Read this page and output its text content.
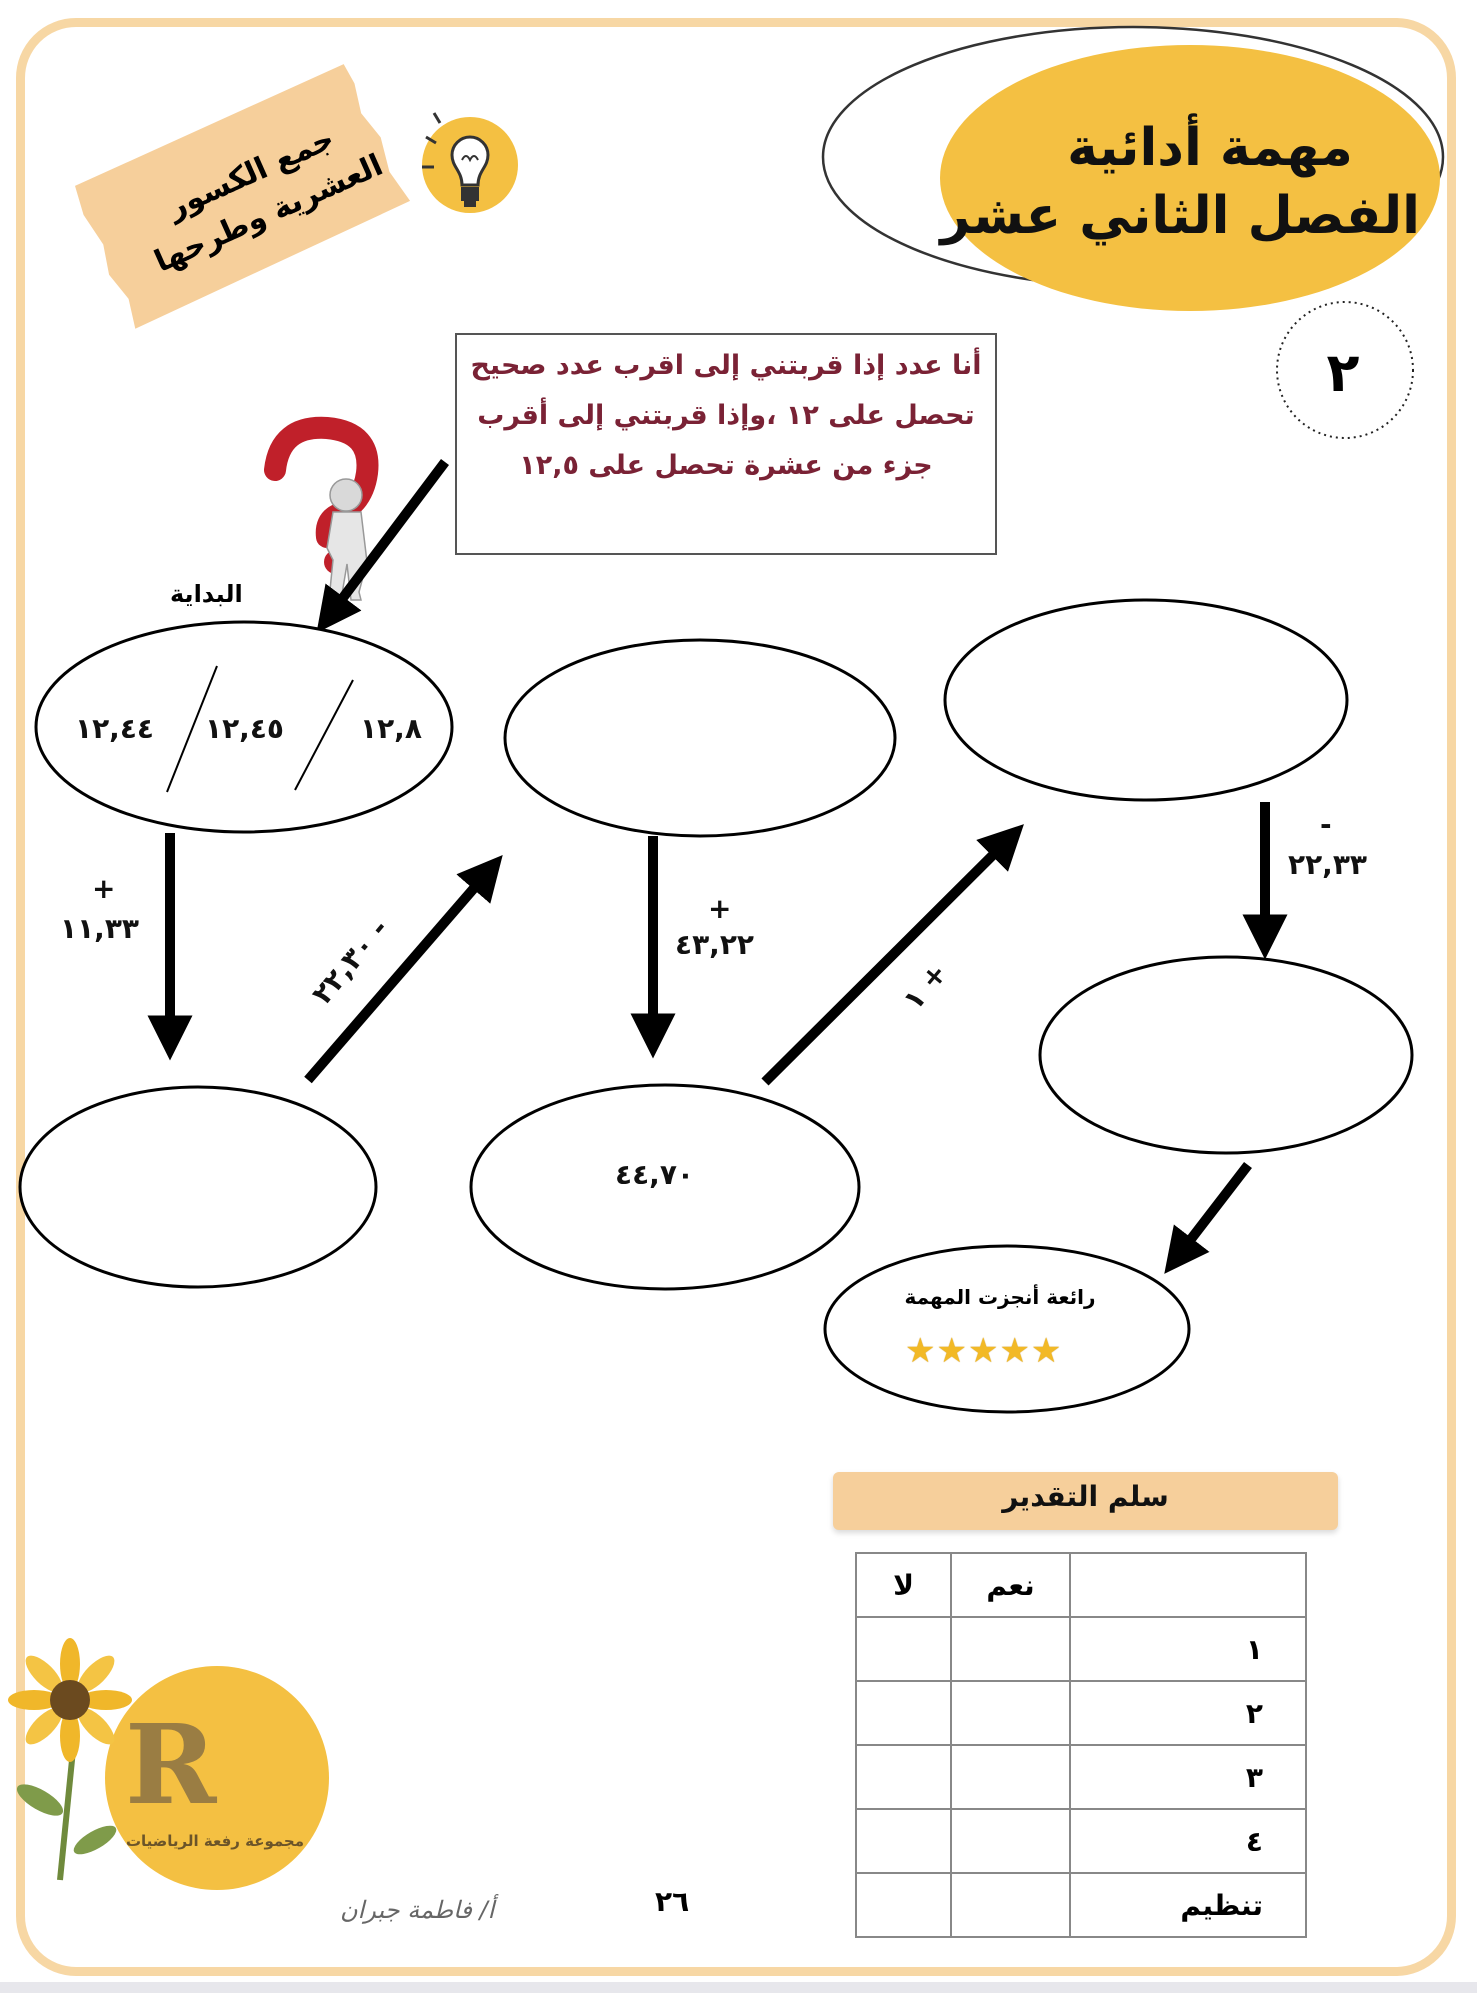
مهمة أدائية
الفصل الثاني عشر
جمع الكسور العشرية وطرحها
٢
أنا عدد إذا قربتني إلى اقرب عدد صحيح تحصل على ١٢ ،وإذا قربتني إلى أقرب جزء من عشرة تحصل على ١٢,٥
البداية
١٢,٨
١٢,٤٥
١٢,٤٤
+
١١,٣٣	- ٢٢,٣٠
+
٤٣,٢٢
+ ١
-
٢٢,٣٣
٤٤,٧٠
رائعة أنجزت المهمة
★★★★★
سلم التقدير
لا	نعم	
		١
		٢
		٣
		٤
		تنظيم
R
مجموعة رفعة الرياضيات
٢٦
أ/ فاطمة جبران
